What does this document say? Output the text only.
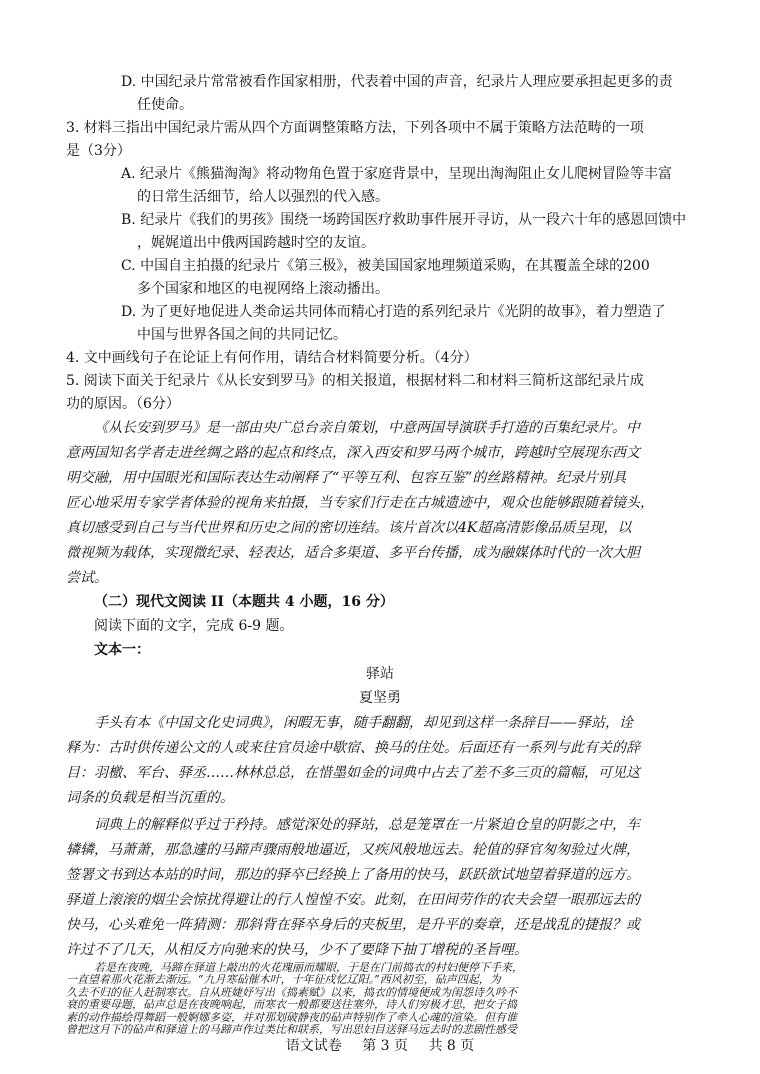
D. 中国纪录片常常被看作国家相册，代表着中国的声音，纪录片人理应要承担起更多的责
任使命。
3. 材料三指出中国纪录片需从四个方面调整策略方法，下列各项中不属于策略方法范畴的一项
是（3分）
A. 纪录片《熊猫淘淘》将动物角色置于家庭背景中，呈现出淘淘阻止女儿爬树冒险等丰富
的日常生活细节，给人以强烈的代入感。
B. 纪录片《我们的男孩》围绕一场跨国医疗救助事件展开寻访，从一段六十年的感恩回馈中
，娓娓道出中俄两国跨越时空的友谊。
C. 中国自主拍摄的纪录片《第三极》，被美国国家地理频道采购，在其覆盖全球的200
多个国家和地区的电视网络上滚动播出。
D. 为了更好地促进人类命运共同体而精心打造的系列纪录片《光阴的故事》，着力塑造了
中国与世界各国之间的共同记忆。
4. 文中画线句子在论证上有何作用，请结合材料简要分析。（4分）
5. 阅读下面关于纪录片《从长安到罗马》的相关报道，根据材料二和材料三简析这部纪录片成
功的原因。（6分）
《从长安到罗马》是一部由央广总台亲自策划，中意两国导演联手打造的百集纪录片。中
意两国知名学者走进丝绸之路的起点和终点，深入西安和罗马两个城市，跨越时空展现东西文
明交融，用中国眼光和国际表达生动阐释了“平等互利、包容互鉴”的丝路精神。纪录片别具
匠心地采用专家学者体验的视角来拍摄，当专家们行走在古城遗迹中，观众也能够跟随着镜头，
真切感受到自己与当代世界和历史之间的密切连结。该片首次以4K超高清影像品质呈现，以
微视频为载体，实现微纪录、轻表达，适合多渠道、多平台传播，成为融媒体时代的一次大胆
尝试。
（二）现代文阅读 II（本题共 4 小题，16 分）
阅读下面的文字，完成 6-9 题。
文本一：
驿站
夏坚勇
手头有本《中国文化史词典》，闲暇无事，随手翻翻，却见到这样一条辞目——驿站，诠
释为：古时供传递公文的人或来往官员途中歇宿、换马的住处。后面还有一系列与此有关的辞
目：羽檄、军台、驿丞……林林总总，在惜墨如金的词典中占去了差不多三页的篇幅，可见这
词条的负载是相当沉重的。
词典上的解释似乎过于矜持。感觉深处的驿站，总是笼罩在一片紧迫仓皇的阴影之中，车
辚辚，马萧萧，那急遽的马蹄声骤雨般地逼近，又疾风般地远去。轮值的驿官匆匆验过火牌，
签署文书到达本站的时间，那边的驿卒已经换上了备用的快马，跃跃欲试地望着驿道的远方。
驿道上滚滚的烟尘会惊扰得避让的行人惶惶不安。此刻，在田间劳作的农夫会望一眼那远去的
快马，心头难免一阵猜测：那斜背在驿卒身后的夹板里，是升平的奏章，还是战乱的捷报？或
许过不了几天，从相反方向驰来的快马，少不了要降下抽丁增税的圣旨哩。
若是在夜晚，马蹄在驿道上敲出的火花瑰丽而耀眼，于是在门前捣衣的村妇便停下手来，
一直望着那火花渐去渐远。“九月寒砧催木叶，十年征戍忆辽阳。”西风初至，砧声四起，为
久去不归的征人赶制寒衣。自从班婕妤写出《捣素赋》以来，捣衣的情境便成为闺怨诗久吟不
衰的重要母题，砧声总是在夜晚响起，而寒衣一般都要送往塞外，诗人们穷极才思，把女子捣
素的动作描绘得舞蹈一般婀娜多姿，并对那划破静夜的砧声特别作了牵人心魂的渲染。但有谁
曾把这月下的砧声和驿道上的马蹄声作过类比和联系，写出思妇目送驿马远去时的悲剧性感受
语文试卷 第 3 页 共 8 页
